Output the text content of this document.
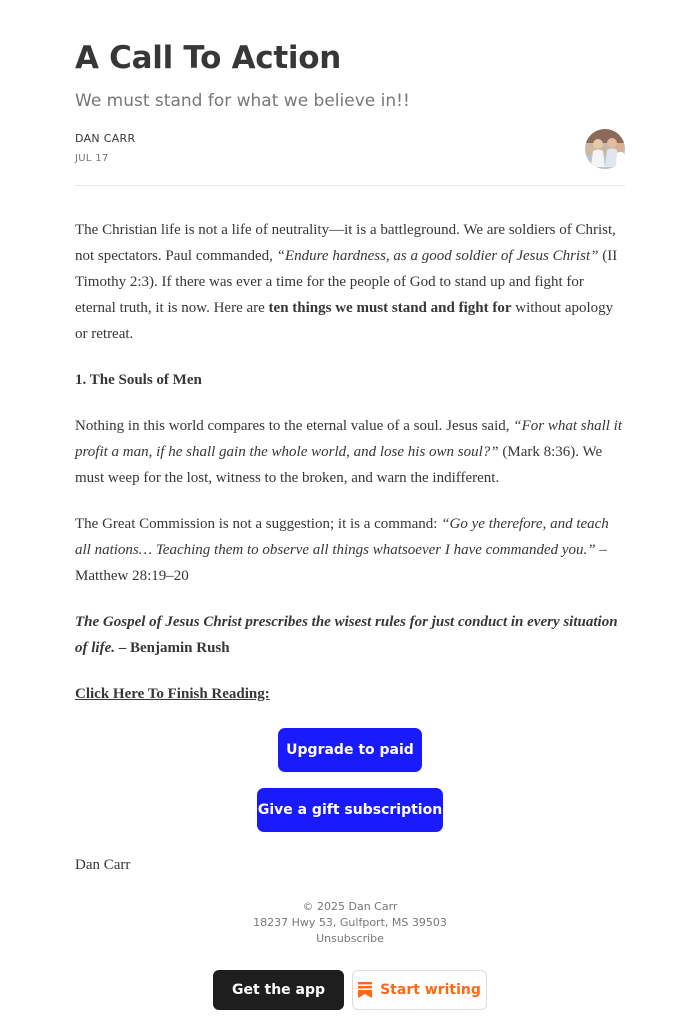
A Call To Action

We must stand for what we believe in!!

DAN CARR
JUL 17

The Christian life is not a life of neutrality—it is a battleground. We are soldiers of Christ, not spectators. Paul commanded, “Endure hardness, as a good soldier of Jesus Christ” (II Timothy 2:3). If there was ever a time for the people of God to stand up and fight for eternal truth, it is now. Here are ten things we must stand and fight for without apology or retreat.

1. The Souls of Men

Nothing in this world compares to the eternal value of a soul. Jesus said, “For what shall it profit a man, if he shall gain the whole world, and lose his own soul?” (Mark 8:36). We must weep for the lost, witness to the broken, and warn the indifferent.

The Great Commission is not a suggestion; it is a command: “Go ye therefore, and teach all nations… Teaching them to observe all things whatsoever I have commanded you.” – Matthew 28:19–20

The Gospel of Jesus Christ prescribes the wisest rules for just conduct in every situation of life. – Benjamin Rush

Click Here To Finish Reading:

Upgrade to paid
Give a gift subscription
Dan Carr
© 2025 Dan Carr
18237 Hwy 53, Gulfport, MS 39503
Unsubscribe
Get the app	Start writing
